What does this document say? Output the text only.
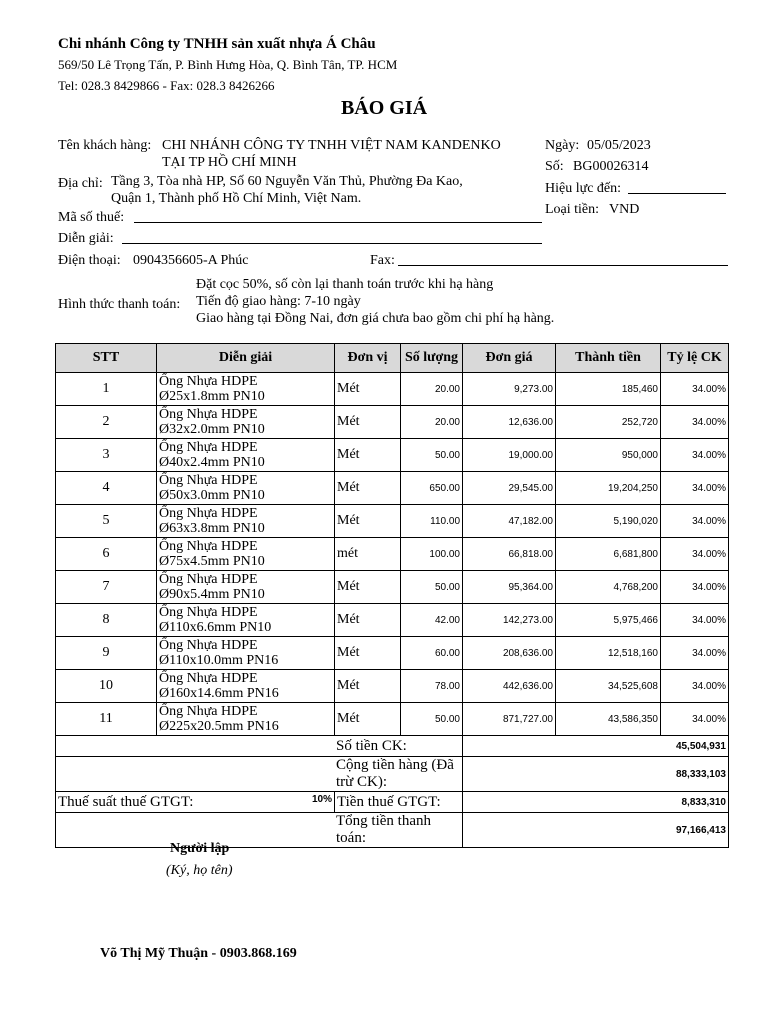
Chi nhánh Công ty TNHH sản xuất nhựa Á Châu
569/50 Lê Trọng Tấn, P. Bình Hưng Hòa, Q. Bình Tân, TP. HCM
Tel: 028.3 8429866 - Fax: 028.3 8426266
BÁO GIÁ
Tên khách hàng: CHI NHÁNH CÔNG TY TNHH VIỆT NAM KANDENKO
TẠI TP HỒ CHÍ MINH
Địa chỉ: Tầng 3, Tòa nhà HP, Số 60 Nguyễn Văn Thủ, Phường Đa Kao,
Quận 1, Thành phố Hồ Chí Minh, Việt Nam.
Mã số thuế:
Diễn giải:
Điện thoại: 0904356605-A Phúc	Fax:
Ngày: 05/05/2023
Số: BG00026314
Hiệu lực đến:
Loại tiền: VND
Hình thức thanh toán:
Đặt cọc 50%, số còn lại thanh toán trước khi hạ hàng
Tiến độ giao hàng: 7-10 ngày
Giao hàng tại Đồng Nai, đơn giá chưa bao gồm chi phí hạ hàng.
STT	Diễn giải	Đơn vị	Số lượng	Đơn giá	Thành tiền	Tỷ lệ CK

1	Ống Nhựa HDPE
Ø25x1.8mm PN10	Mét	20.00	9,273.00	185,460	34.00%

2	Ống Nhựa HDPE
Ø32x2.0mm PN10	Mét	20.00	12,636.00	252,720	34.00%

3	Ống Nhựa HDPE
Ø40x2.4mm PN10	Mét	50.00	19,000.00	950,000	34.00%

4	Ống Nhựa HDPE
Ø50x3.0mm PN10	Mét	650.00	29,545.00	19,204,250	34.00%

5	Ống Nhựa HDPE
Ø63x3.8mm PN10	Mét	110.00	47,182.00	5,190,020	34.00%

6	Ống Nhựa HDPE
Ø75x4.5mm PN10	mét	100.00	66,818.00	6,681,800	34.00%

7	Ống Nhựa HDPE
Ø90x5.4mm PN10	Mét	50.00	95,364.00	4,768,200	34.00%

8	Ống Nhựa HDPE
Ø110x6.6mm PN10	Mét	42.00	142,273.00	5,975,466	34.00%

9	Ống Nhựa HDPE
Ø110x10.0mm PN16	Mét	60.00	208,636.00	12,518,160	34.00%

10	Ống Nhựa HDPE
Ø160x14.6mm PN16	Mét	78.00	442,636.00	34,525,608	34.00%

11	Ống Nhựa HDPE
Ø225x20.5mm PN16	Mét	50.00	871,727.00	43,586,350	34.00%

Số tiền CK:				45,504,931		
Cộng tiền hàng (Đã trừ CK):				88,333,103		
Thuế suất thuế GTGT: 10%		Tiền thuế GTGT:		8,833,310		
Tổng tiền thanh toán:				97,166,413		
Người lập
(Ký, họ tên)
Võ Thị Mỹ Thuận - 0903.868.169
